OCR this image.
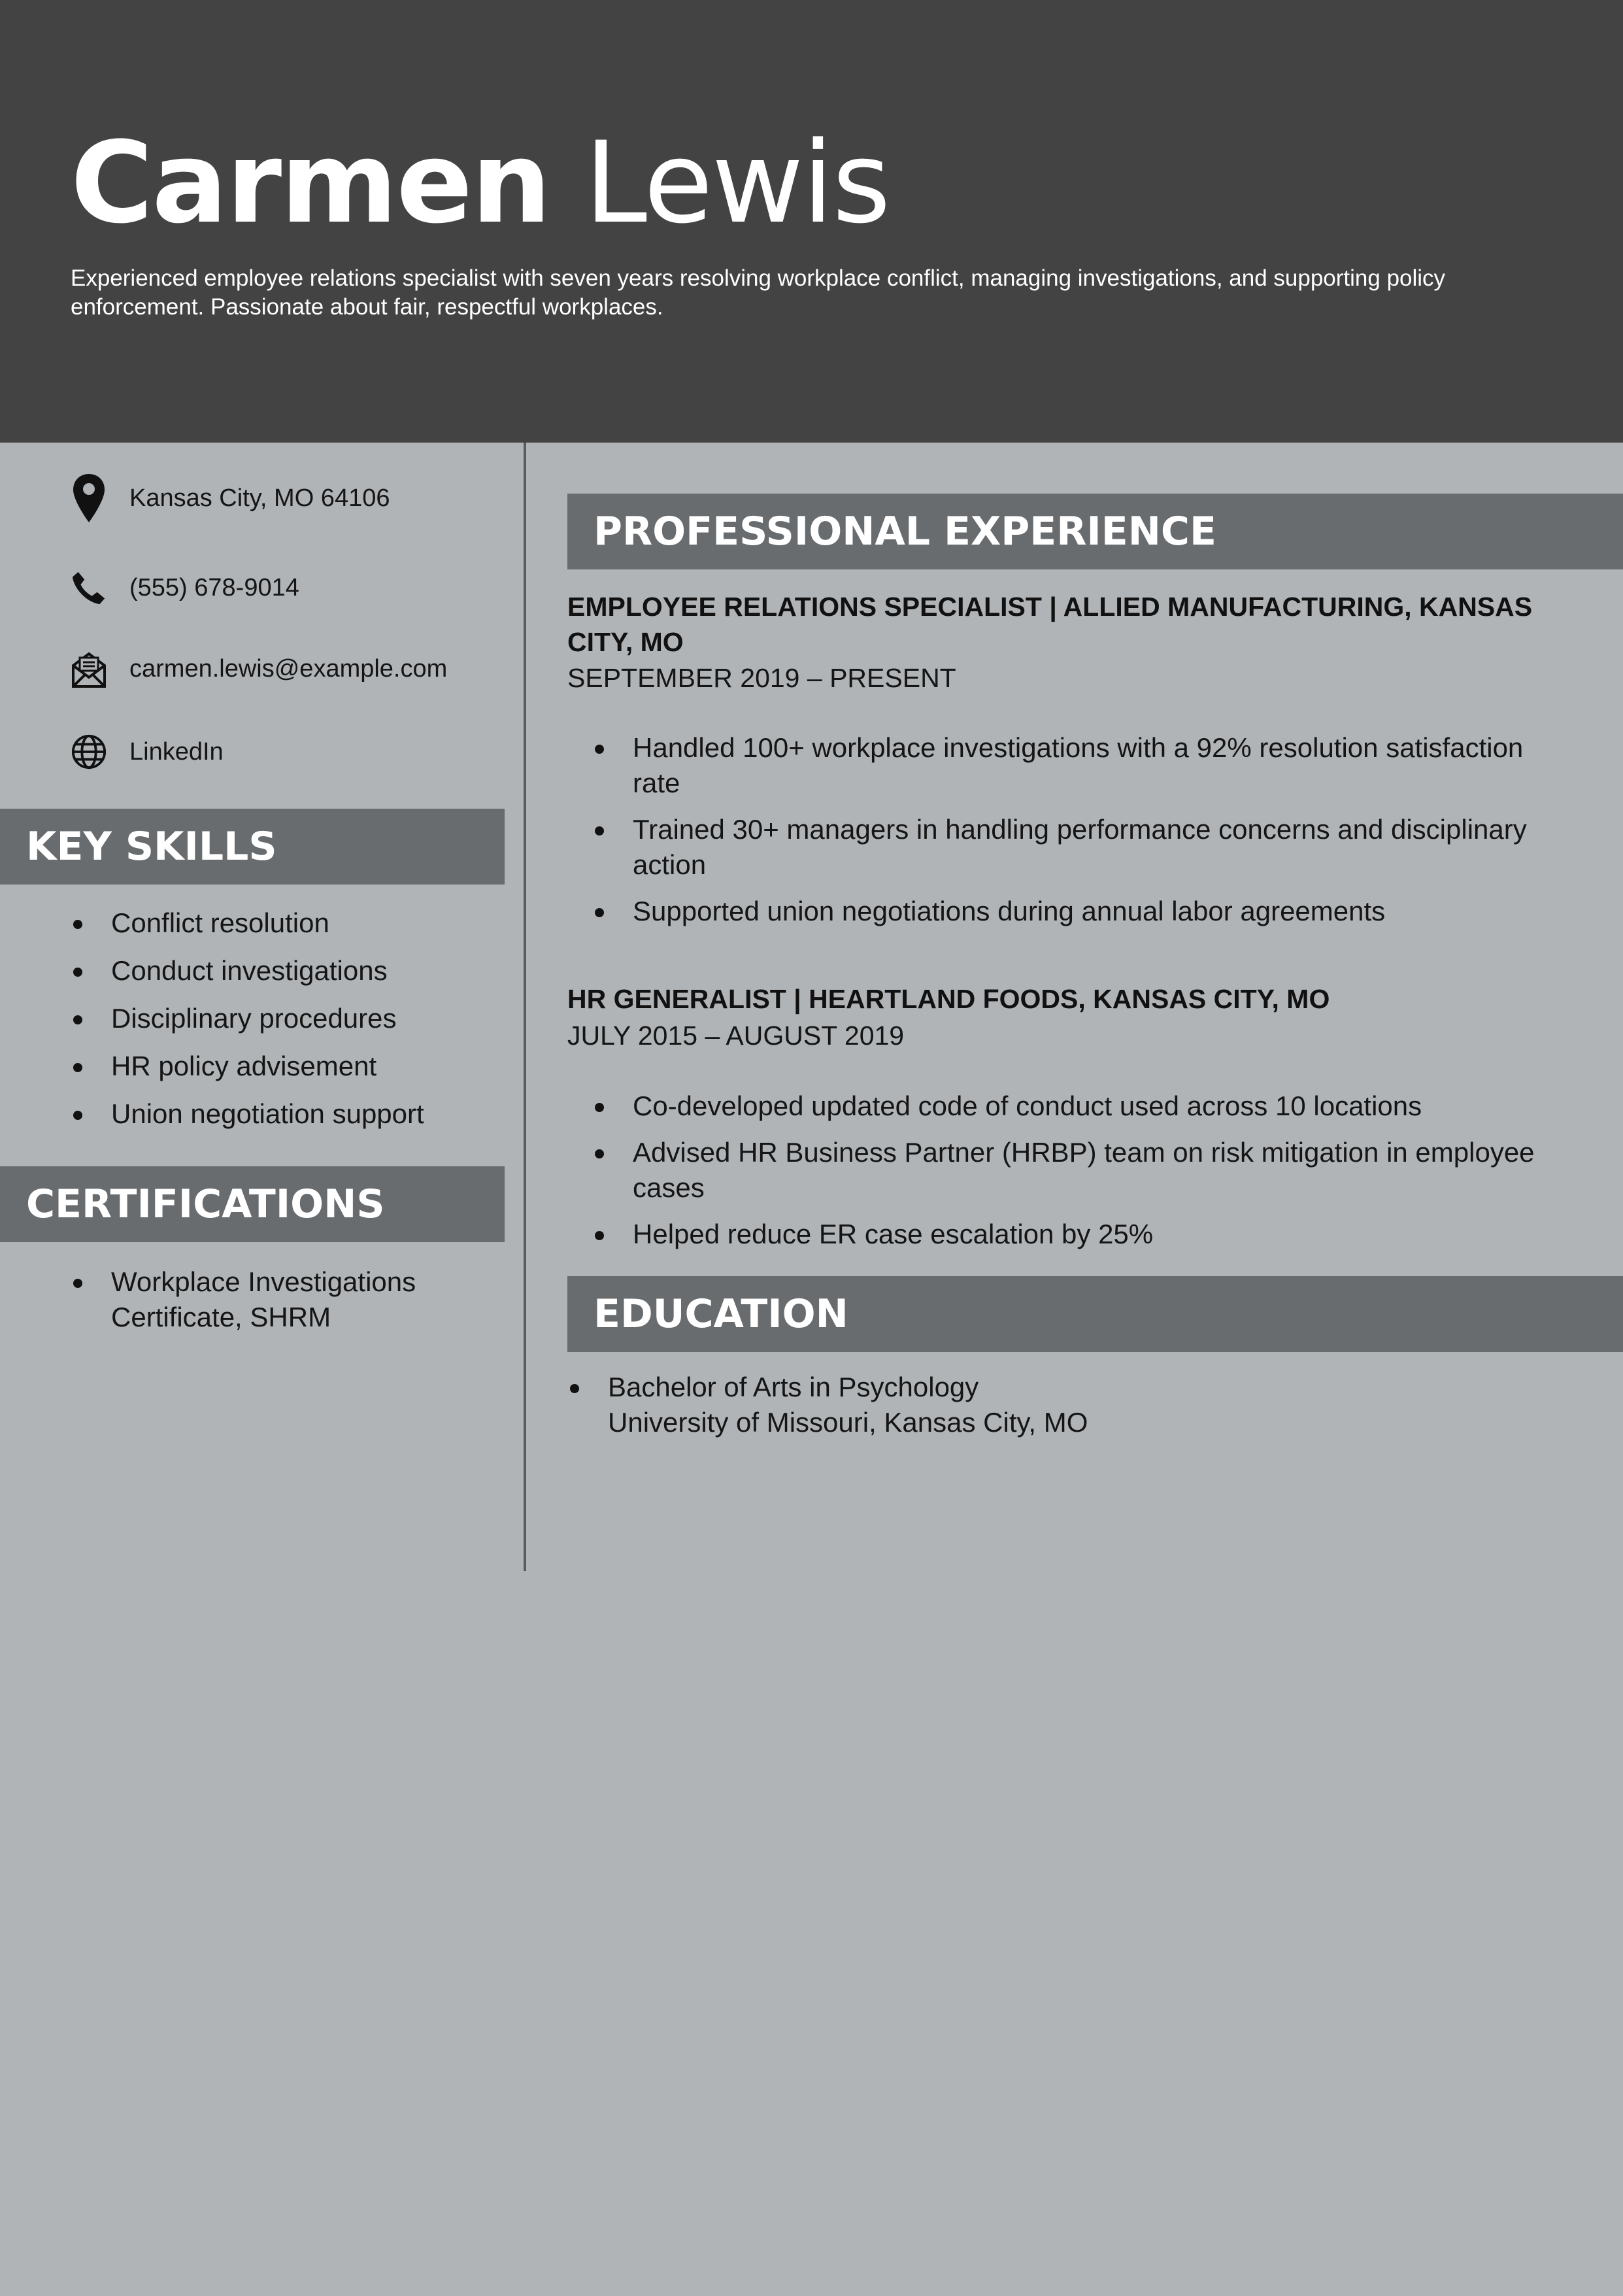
Carmen Lewis
Experienced employee relations specialist with seven years resolving workplace conflict, managing investigations, and supporting policy enforcement. Passionate about fair, respectful workplaces.
Kansas City, MO 64106
(555) 678-9014
carmen.lewis@example.com
LinkedIn
KEY SKILLS
Conflict resolution
Conduct investigations
Disciplinary procedures
HR policy advisement
Union negotiation support
CERTIFICATIONS
Workplace Investigations Certificate, SHRM
PROFESSIONAL EXPERIENCE
EMPLOYEE RELATIONS SPECIALIST | ALLIED MANUFACTURING, KANSAS CITY, MO
SEPTEMBER 2019 – PRESENT
Handled 100+ workplace investigations with a 92% resolution satisfaction rate
Trained 30+ managers in handling performance concerns and disciplinary action
Supported union negotiations during annual labor agreements
HR GENERALIST | HEARTLAND FOODS, KANSAS CITY, MO
JULY 2015 – AUGUST 2019
Co-developed updated code of conduct used across 10 locations
Advised HR Business Partner (HRBP) team on risk mitigation in employee cases
Helped reduce ER case escalation by 25%
EDUCATION
Bachelor of Arts in Psychology
University of Missouri, Kansas City, MO
